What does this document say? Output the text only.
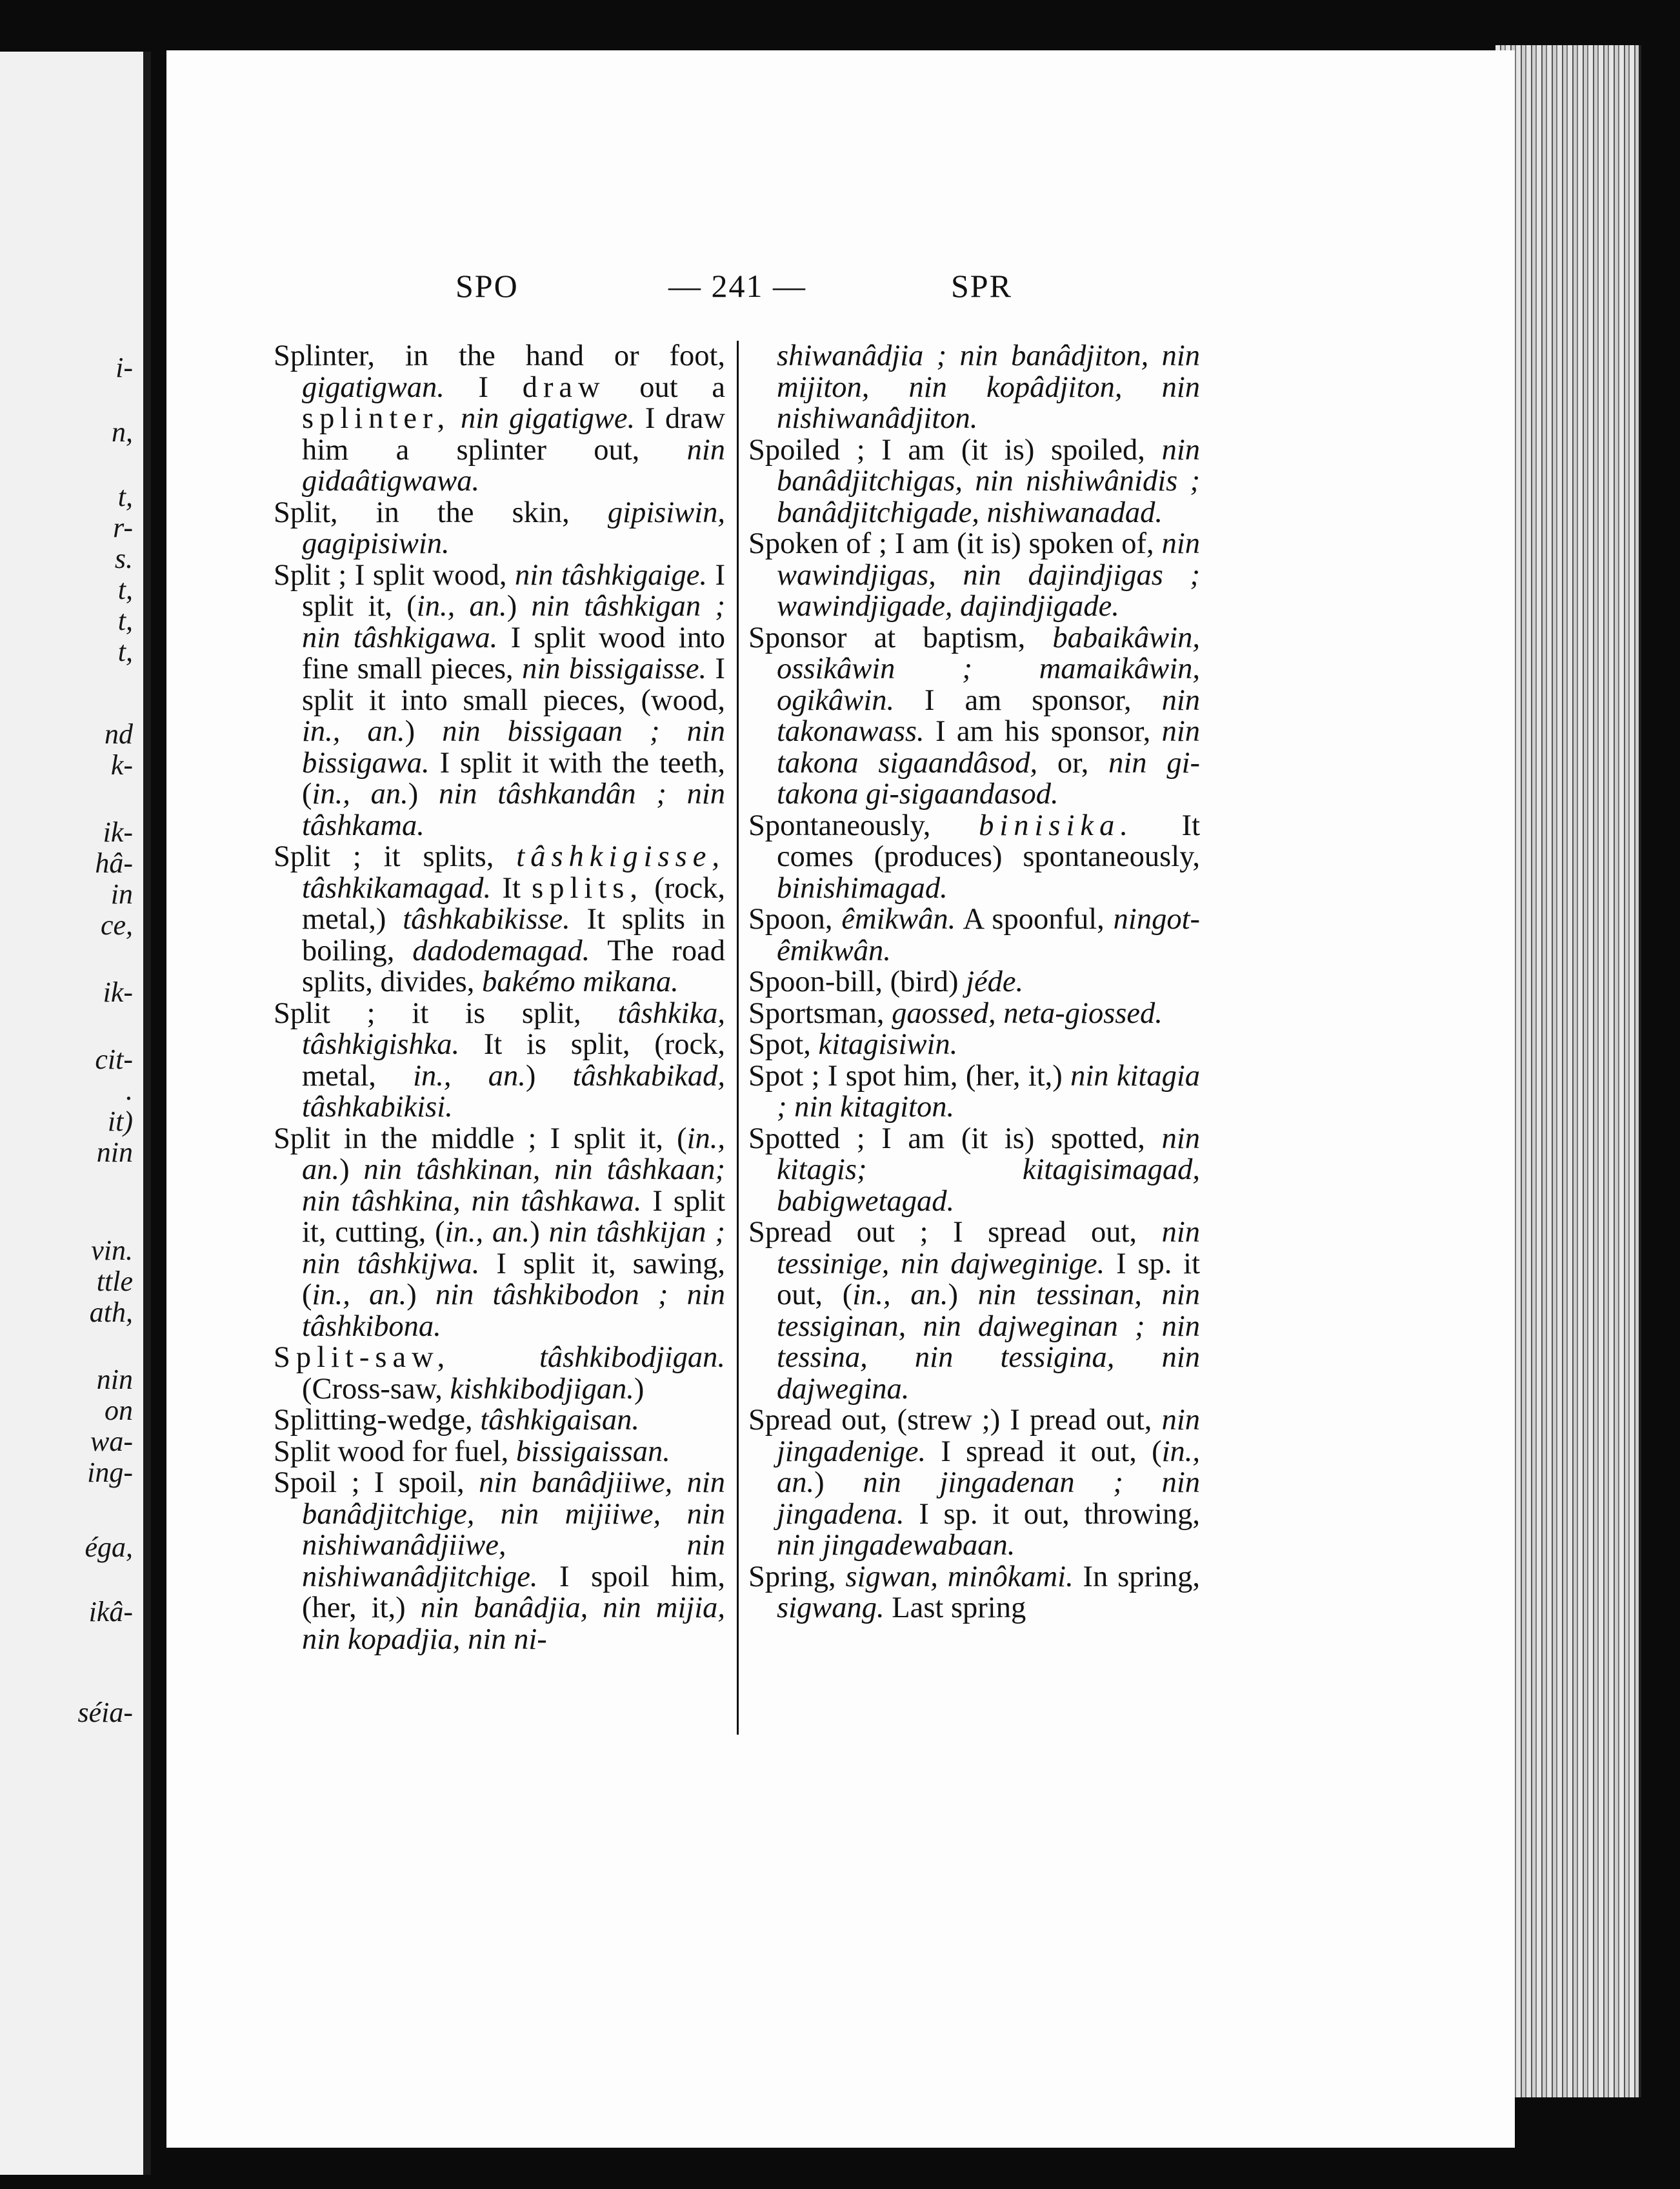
i-

n,

t,

r-

s.

t,

t,

t,

nd

k-

ik-

hâ-

in

ce,

ik-

cit-

.

it)

nin

vin.

ttle

ath,

nin

on

wa-

ing-

éga,

ikâ-

séia-

SPO	— 241 —	SPR

Splinter, in the hand or foot, gigatigwan. I draw out a splinter, nin gigatigwe. I draw him a splinter out, nin gidaâtigwawa.

Split, in the skin, gipisiwin, gagipisiwin.

Split ; I split wood, nin tâshkigaige. I split it, (in., an.) nin tâshkigan ; nin tâshkigawa. I split wood into fine small pieces, nin bissigaisse. I split it into small pieces, (wood, in., an.) nin bissigaan ; nin bissigawa. I split it with the teeth, (in., an.) nin tâshkandân ; nin tâshkama.

Split ; it splits, tâshkigisse, tâshkikamagad. It splits, (rock, metal,) tâshkabikisse. It splits in boiling, dadodemagad. The road splits, divides, bakémo mikana.

Split ; it is split, tâshkika, tâshkigishka. It is split, (rock, metal, in., an.) tâshkabikad, tâshkabikisi.

Split in the middle ; I split it, (in., an.) nin tâshkinan, nin tâshkaan; nin tâshkina, nin tâshkawa. I split it, cutting, (in., an.) nin tâshkijan ; nin tâshkijwa. I split it, sawing, (in., an.) nin tâshkibodon ; nin tâshkibona.

Split-saw,	tâshkibodjigan. (Cross-saw, kishkibodjigan.)

Splitting-wedge, tâshkigaisan.

Split wood for fuel, bissigaissan.

Spoil ; I spoil, nin banâdjiiwe, nin banâdjitchige, nin mijiiwe, nin nishiwanâdjiiwe, nin nishiwanâdjitchige. I spoil him, (her, it,) nin banâdjia, nin mijia, nin kopadjia, nin ni-

shiwanâdjia ; nin banâdjiton, nin mijiton, nin kopâdjiton, nin nishiwanâdjiton.

Spoiled ; I am (it is) spoiled, nin banâdjitchigas, nin nishiwânidis ; banâdjitchigade, nishiwanadad.

Spoken of ; I am (it is) spoken of, nin wawindjigas, nin dajindjigas ; wawindjigade, dajindjigade.

Sponsor at baptism, babaikâwin, ossikâwin ; mamaikâwin, ogikâwin. I am sponsor, nin takonawass. I am his sponsor, nin takona sigaandâsod, or, nin gi-takona gi-sigaandasod.

Spontaneously, binisika. It comes (produces) spontaneously, binishimagad.

Spoon, êmikwân. A spoonful, ningot-êmikwân.

Spoon-bill, (bird) jéde.

Sportsman, gaossed, neta-giossed.

Spot, kitagisiwin.

Spot ; I spot him, (her, it,) nin kitagia ; nin kitagiton.

Spotted ; I am (it is) spotted, nin kitagis; kitagisimagad, babigwetagad.

Spread out ; I spread out, nin tessinige, nin dajweginige. I sp. it out, (in., an.) nin tessinan, nin tessiginan, nin dajweginan ; nin tessina, nin tessigina, nin dajwegina.

Spread out, (strew ;) I pread out, nin jingadenige. I spread it out, (in., an.) nin jingadenan ; nin jingadena. I sp. it out, throwing, nin jingadewabaan.

Spring, sigwan, minôkami. In spring, sigwang. Last spring
